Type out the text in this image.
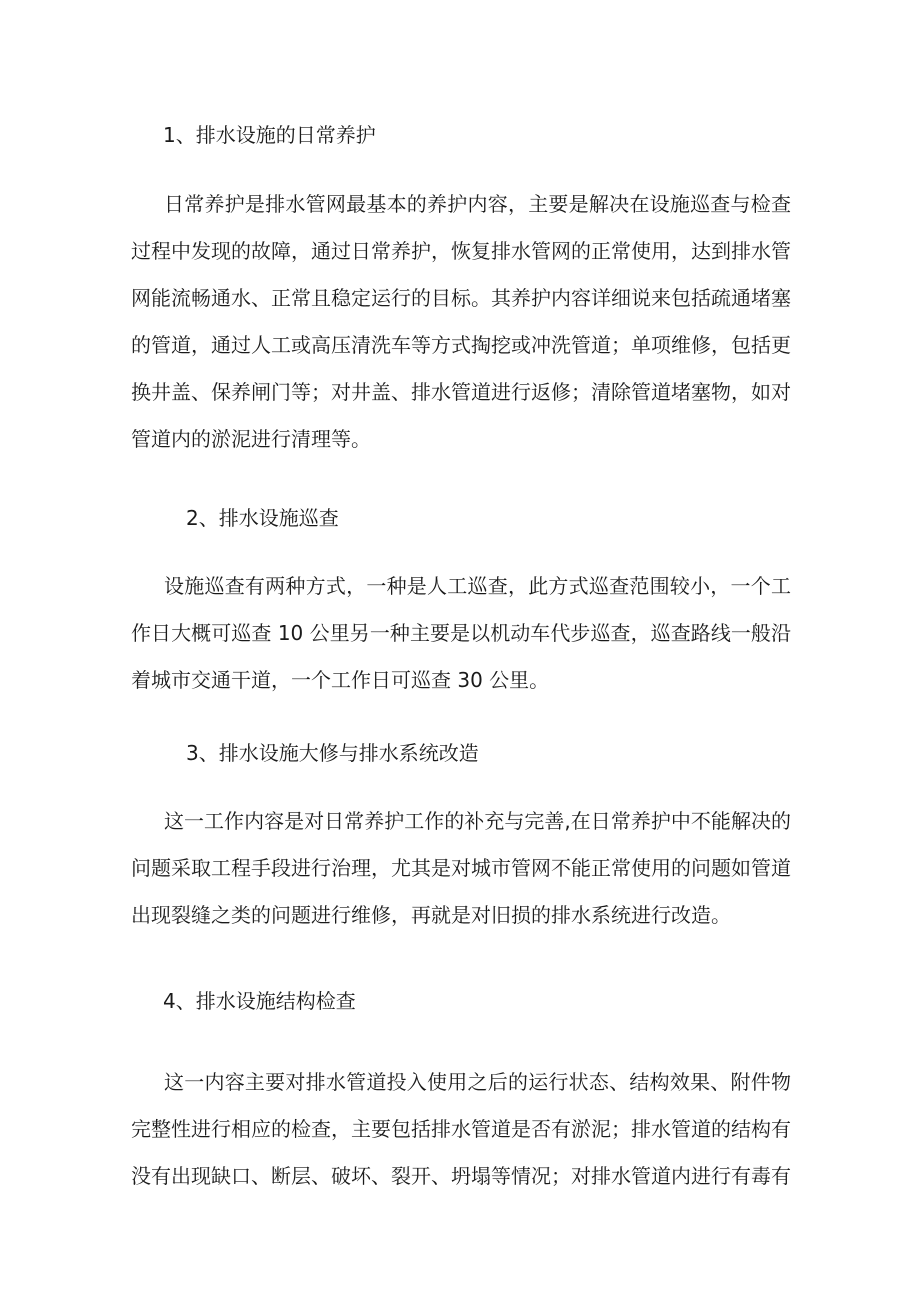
1、排水设施的日常养护
日常养护是排水管网最基本的养护内容，主要是解决在设施巡查与检查过程中发现的故障，通过日常养护，恢复排水管网的正常使用，达到排水管网能流畅通水、正常且稳定运行的目标。其养护内容详细说来包括疏通堵塞的管道，通过人工或高压清洗车等方式掏挖或冲洗管道；单项维修，包括更换井盖、保养闸门等；对井盖、排水管道进行返修；清除管道堵塞物，如对管道内的淤泥进行清理等。
2、排水设施巡查
设施巡查有两种方式，一种是人工巡查，此方式巡查范围较小，一个工作日大概可巡查 10 公里另一种主要是以机动车代步巡查，巡查路线一般沿着城市交通干道，一个工作日可巡查 30 公里。
3、排水设施大修与排水系统改造
这一工作内容是对日常养护工作的补充与完善,在日常养护中不能解决的问题采取工程手段进行治理，尤其是对城市管网不能正常使用的问题如管道出现裂缝之类的问题进行维修，再就是对旧损的排水系统进行改造。
4、排水设施结构检查
这一内容主要对排水管道投入使用之后的运行状态、结构效果、附件物完整性进行相应的检查，主要包括排水管道是否有淤泥；排水管道的结构有没有出现缺口、断层、破坏、裂开、坍塌等情况；对排水管道内进行有毒有
